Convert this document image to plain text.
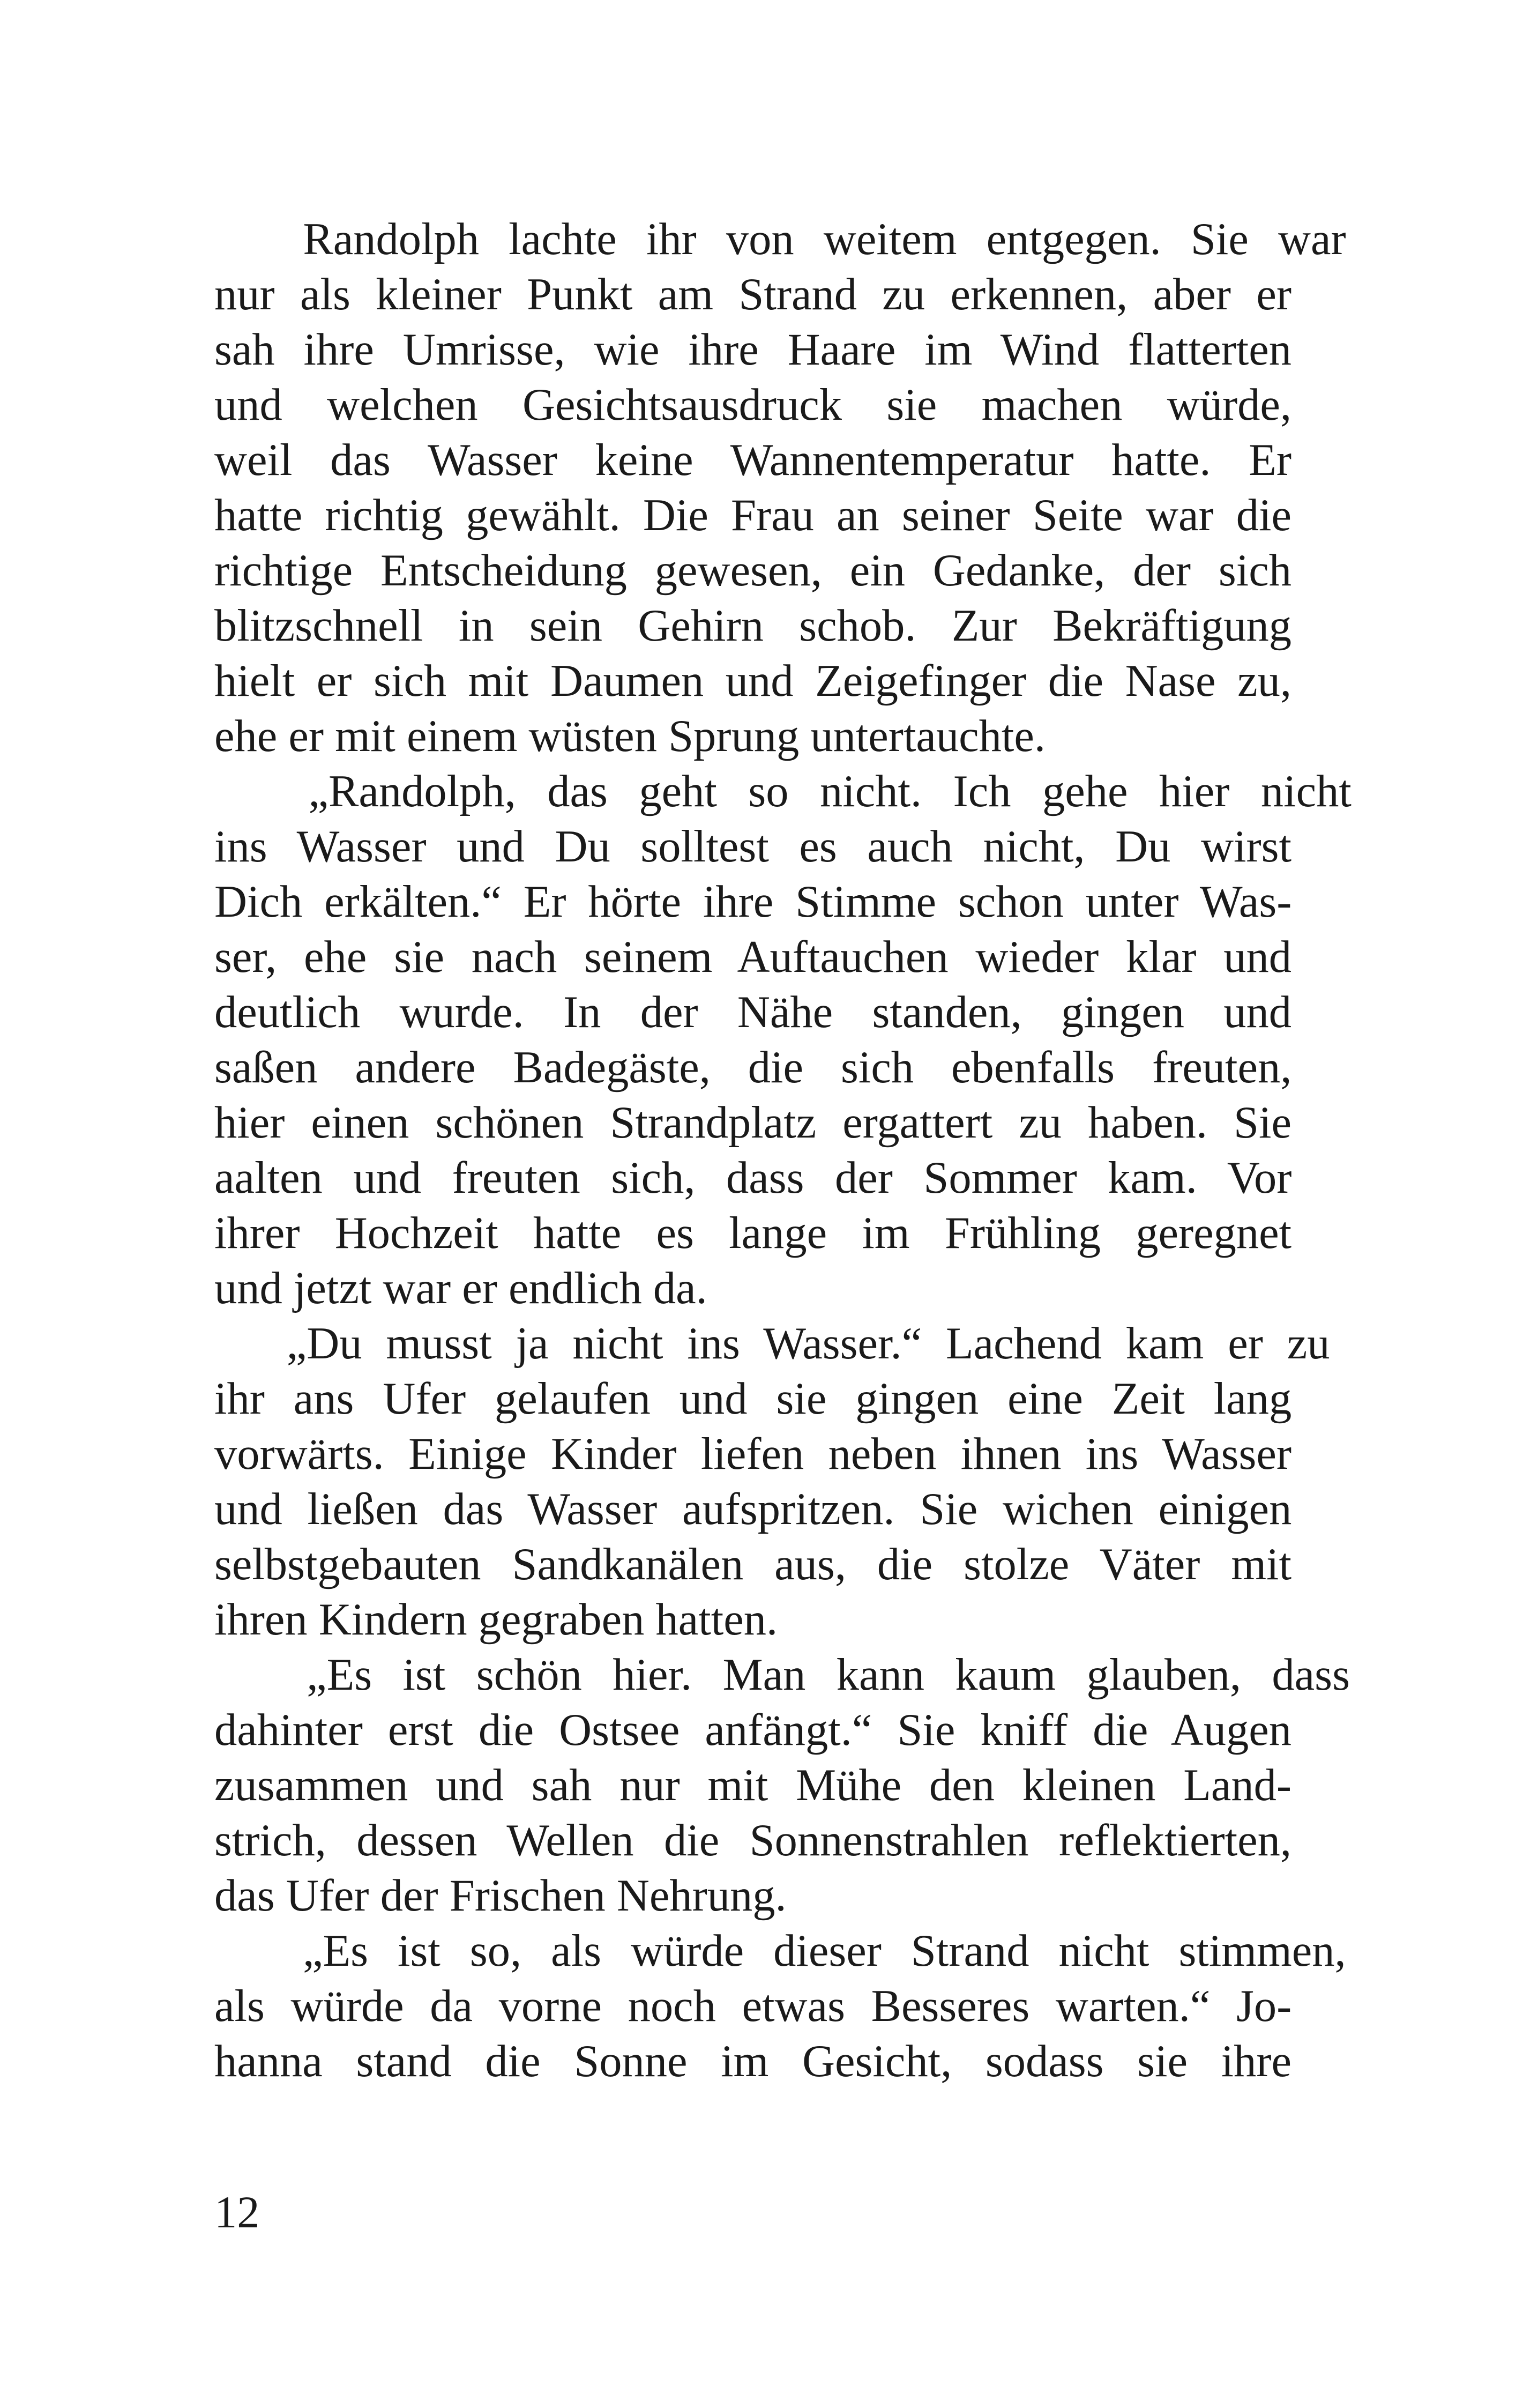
Randolph lachte ihr von weitem entgegen. Sie war
nur als kleiner Punkt am Strand zu erkennen, aber er
sah ihre Umrisse, wie ihre Haare im Wind flatterten
und welchen Gesichtsausdruck sie machen würde,
weil das Wasser keine Wannentemperatur hatte. Er
hatte richtig gewählt. Die Frau an seiner Seite war die
richtige Entscheidung gewesen, ein Gedanke, der sich
blitzschnell in sein Gehirn schob. Zur Bekräftigung
hielt er sich mit Daumen und Zeigefinger die Nase zu,
ehe er mit einem wüsten Sprung untertauchte.
„Randolph, das geht so nicht. Ich gehe hier nicht
ins Wasser und Du solltest es auch nicht, Du wirst
Dich erkälten.“ Er hörte ihre Stimme schon unter Was-
ser, ehe sie nach seinem Auftauchen wieder klar und
deutlich wurde. In der Nähe standen, gingen und
saßen andere Badegäste, die sich ebenfalls freuten,
hier einen schönen Strandplatz ergattert zu haben. Sie
aalten und freuten sich, dass der Sommer kam. Vor
ihrer Hochzeit hatte es lange im Frühling geregnet
und jetzt war er endlich da.
„Du musst ja nicht ins Wasser.“ Lachend kam er zu
ihr ans Ufer gelaufen und sie gingen eine Zeit lang
vorwärts. Einige Kinder liefen neben ihnen ins Wasser
und ließen das Wasser aufspritzen. Sie wichen einigen
selbstgebauten Sandkanälen aus, die stolze Väter mit
ihren Kindern gegraben hatten.
„Es ist schön hier. Man kann kaum glauben, dass
dahinter erst die Ostsee anfängt.“ Sie kniff die Augen
zusammen und sah nur mit Mühe den kleinen Land-
strich, dessen Wellen die Sonnenstrahlen reflektierten,
das Ufer der Frischen Nehrung.
„Es ist so, als würde dieser Strand nicht stimmen,
als würde da vorne noch etwas Besseres warten.“ Jo-
hanna stand die Sonne im Gesicht, sodass sie ihre
12
